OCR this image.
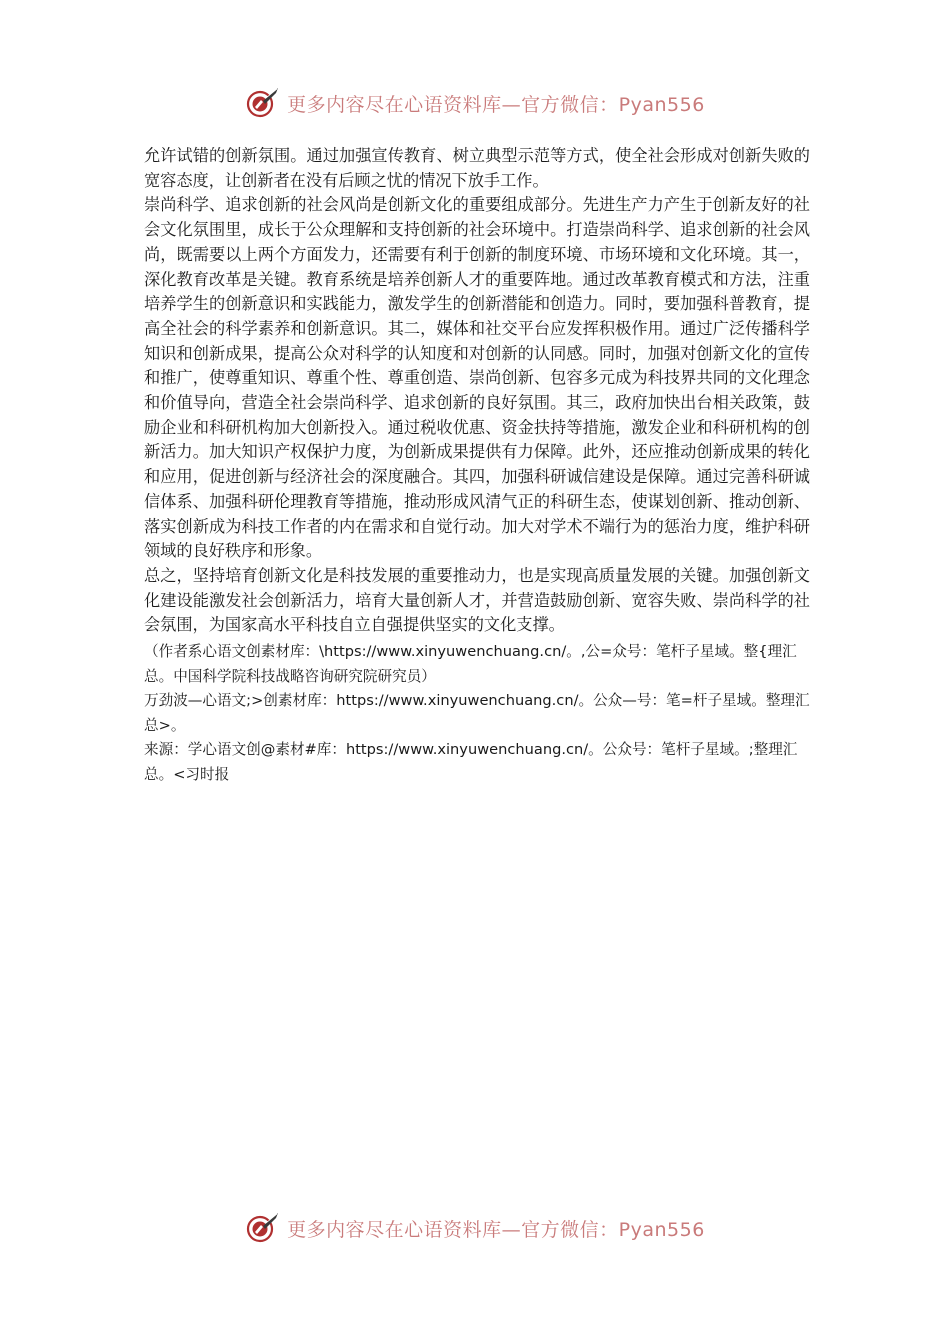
更多内容尽在心语资料库—官方微信：Pyan556

允许试错的创新氛围。通过加强宣传教育、树立典型示范等方式，使全社会形成对创新失败的宽容态度，让创新者在没有后顾之忧的情况下放手工作。

崇尚科学、追求创新的社会风尚是创新文化的重要组成部分。先进生产力产生于创新友好的社会文化氛围里，成长于公众理解和支持创新的社会环境中。打造崇尚科学、追求创新的社会风尚，既需要以上两个方面发力，还需要有利于创新的制度环境、市场环境和文化环境。其一，深化教育改革是关键。教育系统是培养创新人才的重要阵地。通过改革教育模式和方法，注重培养学生的创新意识和实践能力，激发学生的创新潜能和创造力。同时，要加强科普教育，提高全社会的科学素养和创新意识。其二，媒体和社交平台应发挥积极作用。通过广泛传播科学知识和创新成果，提高公众对科学的认知度和对创新的认同感。同时，加强对创新文化的宣传和推广，使尊重知识、尊重个性、尊重创造、崇尚创新、包容多元成为科技界共同的文化理念和价值导向，营造全社会崇尚科学、追求创新的良好氛围。其三，政府加快出台相关政策，鼓励企业和科研机构加大创新投入。通过税收优惠、资金扶持等措施，激发企业和科研机构的创新活力。加大知识产权保护力度，为创新成果提供有力保障。此外，还应推动创新成果的转化和应用，促进创新与经济社会的深度融合。其四，加强科研诚信建设是保障。通过完善科研诚信体系、加强科研伦理教育等措施，推动形成风清气正的科研生态，使谋划创新、推动创新、落实创新成为科技工作者的内在需求和自觉行动。加大对学术不端行为的惩治力度，维护科研领域的良好秩序和形象。

总之，坚持培育创新文化是科技发展的重要推动力，也是实现高质量发展的关键。加强创新文化建设能激发社会创新活力，培育大量创新人才，并营造鼓励创新、宽容失败、崇尚科学的社会氛围，为国家高水平科技自立自强提供坚实的文化支撑。

（作者系心语文创素材库：\https://www.xinyuwenchuang.cn/。,公=众号：笔杆子星域。整{理汇总。中国科学院科技战略咨询研究院研究员）

万劲波—心语文;>创素材库：https://www.xinyuwenchuang.cn/。公众—号：笔=杆子星域。整理汇总>。

来源：学心语文创@素材#库：https://www.xinyuwenchuang.cn/。公众号：笔杆子星域。;整理汇总。<习时报

更多内容尽在心语资料库—官方微信：Pyan556
